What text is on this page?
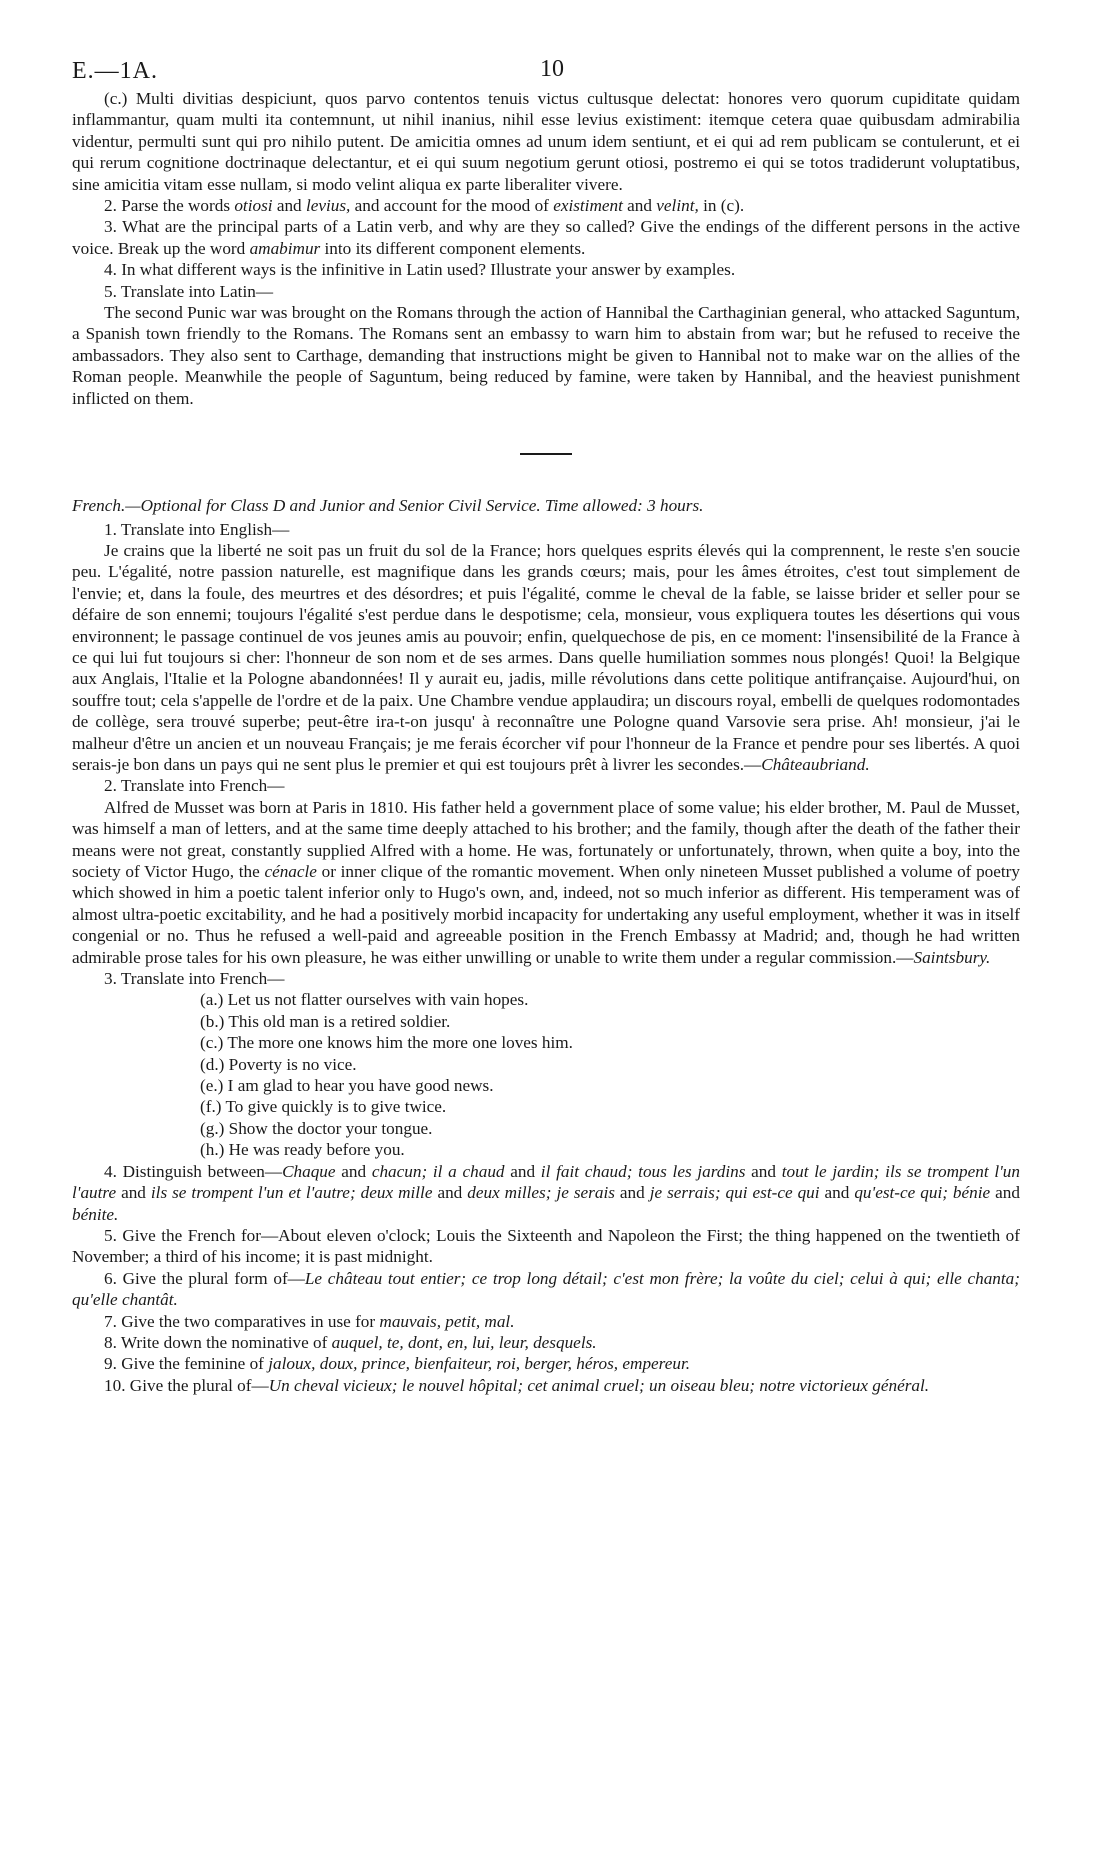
E.—1A.	10

(c.) Multi divitias despiciunt, quos parvo contentos tenuis victus cultusque delectat: honores vero quorum cupiditate quidam inflammantur, quam multi ita contemnunt, ut nihil inanius, nihil esse levius existiment: itemque cetera quae quibusdam admirabilia videntur, permulti sunt qui pro nihilo putent. De amicitia omnes ad unum idem sentiunt, et ei qui ad rem publicam se contulerunt, et ei qui rerum cognitione doctrinaque delectantur, et ei qui suum negotium gerunt otiosi, postremo ei qui se totos tradiderunt voluptatibus, sine amicitia vitam esse nullam, si modo velint aliqua ex parte liberaliter vivere.

2. Parse the words otiosi and levius, and account for the mood of existiment and velint, in (c).

3. What are the principal parts of a Latin verb, and why are they so called? Give the endings of the different persons in the active voice. Break up the word amabimur into its different component elements.

4. In what different ways is the infinitive in Latin used? Illustrate your answer by examples.

5. Translate into Latin—

The second Punic war was brought on the Romans through the action of Hannibal the Carthaginian general, who attacked Saguntum, a Spanish town friendly to the Romans. The Romans sent an embassy to warn him to abstain from war; but he refused to receive the ambassadors. They also sent to Carthage, demanding that instructions might be given to Hannibal not to make war on the allies of the Roman people. Meanwhile the people of Saguntum, being reduced by famine, were taken by Hannibal, and the heaviest punishment inflicted on them.

French.—Optional for Class D and Junior and Senior Civil Service. Time allowed: 3 hours.

1. Translate into English—

Je crains que la liberté ne soit pas un fruit du sol de la France; hors quelques esprits élevés qui la comprennent, le reste s'en soucie peu. L'égalité, notre passion naturelle, est magnifique dans les grands cœurs; mais, pour les âmes étroites, c'est tout simplement de l'envie; et, dans la foule, des meurtres et des désordres; et puis l'égalité, comme le cheval de la fable, se laisse brider et seller pour se défaire de son ennemi; toujours l'égalité s'est perdue dans le despotisme; cela, monsieur, vous expliquera toutes les désertions qui vous environnent; le passage continuel de vos jeunes amis au pouvoir; enfin, quelquechose de pis, en ce moment: l'insensibilité de la France à ce qui lui fut toujours si cher: l'honneur de son nom et de ses armes. Dans quelle humiliation sommes nous plongés! Quoi! la Belgique aux Anglais, l'Italie et la Pologne abandonnées! Il y aurait eu, jadis, mille révolutions dans cette politique antifrançaise. Aujourd'hui, on souffre tout; cela s'appelle de l'ordre et de la paix. Une Chambre vendue applaudira; un discours royal, embelli de quelques rodomontades de collège, sera trouvé superbe; peut-être ira-t-on jusqu' à reconnaître une Pologne quand Varsovie sera prise. Ah! monsieur, j'ai le malheur d'être un ancien et un nouveau Français; je me ferais écorcher vif pour l'honneur de la France et pendre pour ses libertés. A quoi serais-je bon dans un pays qui ne sent plus le premier et qui est toujours prêt à livrer les secondes.—Châteaubriand.

2. Translate into French—

Alfred de Musset was born at Paris in 1810. His father held a government place of some value; his elder brother, M. Paul de Musset, was himself a man of letters, and at the same time deeply attached to his brother; and the family, though after the death of the father their means were not great, constantly supplied Alfred with a home. He was, fortunately or unfortunately, thrown, when quite a boy, into the society of Victor Hugo, the cénacle or inner clique of the romantic movement. When only nineteen Musset published a volume of poetry which showed in him a poetic talent inferior only to Hugo's own, and, indeed, not so much inferior as different. His temperament was of almost ultra-poetic excitability, and he had a positively morbid incapacity for undertaking any useful employment, whether it was in itself congenial or no. Thus he refused a well-paid and agreeable position in the French Embassy at Madrid; and, though he had written admirable prose tales for his own pleasure, he was either unwilling or unable to write them under a regular commission.—Saintsbury.

3. Translate into French—

(a.) Let us not flatter ourselves with vain hopes.

(b.) This old man is a retired soldier.

(c.) The more one knows him the more one loves him.

(d.) Poverty is no vice.

(e.) I am glad to hear you have good news.

(f.) To give quickly is to give twice.

(g.) Show the doctor your tongue.

(h.) He was ready before you.

4. Distinguish between—Chaque and chacun; il a chaud and il fait chaud; tous les jardins and tout le jardin; ils se trompent l'un l'autre and ils se trompent l'un et l'autre; deux mille and deux milles; je serais and je serrais; qui est-ce qui and qu'est-ce qui; bénie and bénite.

5. Give the French for—About eleven o'clock; Louis the Sixteenth and Napoleon the First; the thing happened on the twentieth of November; a third of his income; it is past midnight.

6. Give the plural form of—Le château tout entier; ce trop long détail; c'est mon frère; la voûte du ciel; celui à qui; elle chanta; qu'elle chantât.

7. Give the two comparatives in use for mauvais, petit, mal.

8. Write down the nominative of auquel, te, dont, en, lui, leur, desquels.

9. Give the feminine of jaloux, doux, prince, bienfaiteur, roi, berger, héros, empereur.

10. Give the plural of—Un cheval vicieux; le nouvel hôpital; cet animal cruel; un oiseau bleu; notre victorieux général.
